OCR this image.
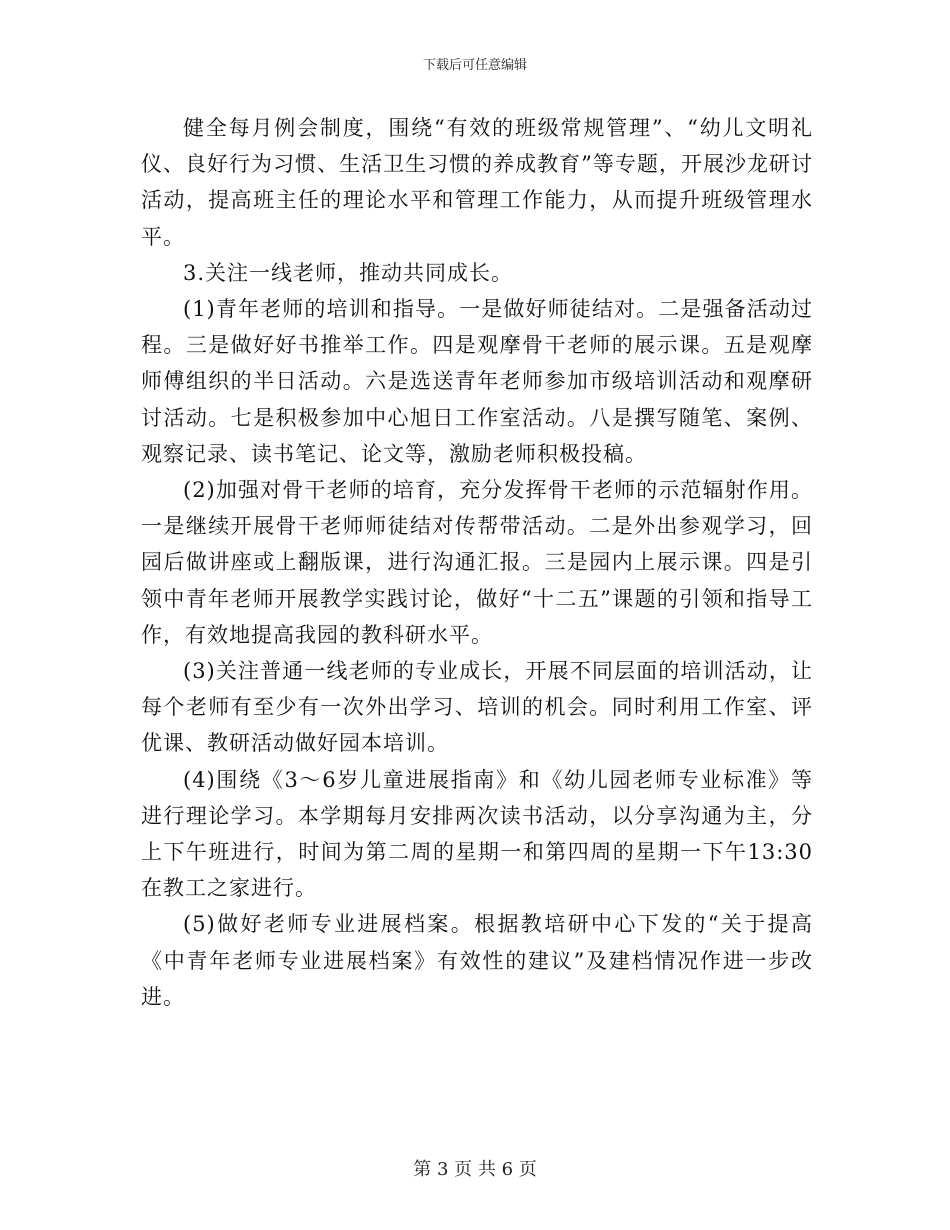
下载后可任意编辑

健全每月例会制度，围绕“有效的班级常规管理”、“幼儿文明礼仪、良好行为习惯、生活卫生习惯的养成教育”等专题，开展沙龙研讨活动，提高班主任的理论水平和管理工作能力，从而提升班级管理水平。

3.关注一线老师，推动共同成长。

(1)青年老师的培训和指导。一是做好师徒结对。二是强备活动过程。三是做好好书推举工作。四是观摩骨干老师的展示课。五是观摩师傅组织的半日活动。六是选送青年老师参加市级培训活动和观摩研讨活动。七是积极参加中心旭日工作室活动。八是撰写随笔、案例、观察记录、读书笔记、论文等，激励老师积极投稿。

(2)加强对骨干老师的培育，充分发挥骨干老师的示范辐射作用。一是继续开展骨干老师师徒结对传帮带活动。二是外出参观学习，回园后做讲座或上翻版课，进行沟通汇报。三是园内上展示课。四是引领中青年老师开展教学实践讨论，做好“十二五”课题的引领和指导工作，有效地提高我园的教科研水平。

(3)关注普通一线老师的专业成长，开展不同层面的培训活动，让每个老师有至少有一次外出学习、培训的机会。同时利用工作室、评优课、教研活动做好园本培训。

(4)围绕《3～6岁儿童进展指南》和《幼儿园老师专业标准》等进行理论学习。本学期每月安排两次读书活动，以分享沟通为主，分上下午班进行，时间为第二周的星期一和第四周的星期一下午13:30在教工之家进行。

(5)做好老师专业进展档案。根据教培研中心下发的“关于提高《中青年老师专业进展档案》有效性的建议”及建档情况作进一步改进。

第 3 页 共 6 页
